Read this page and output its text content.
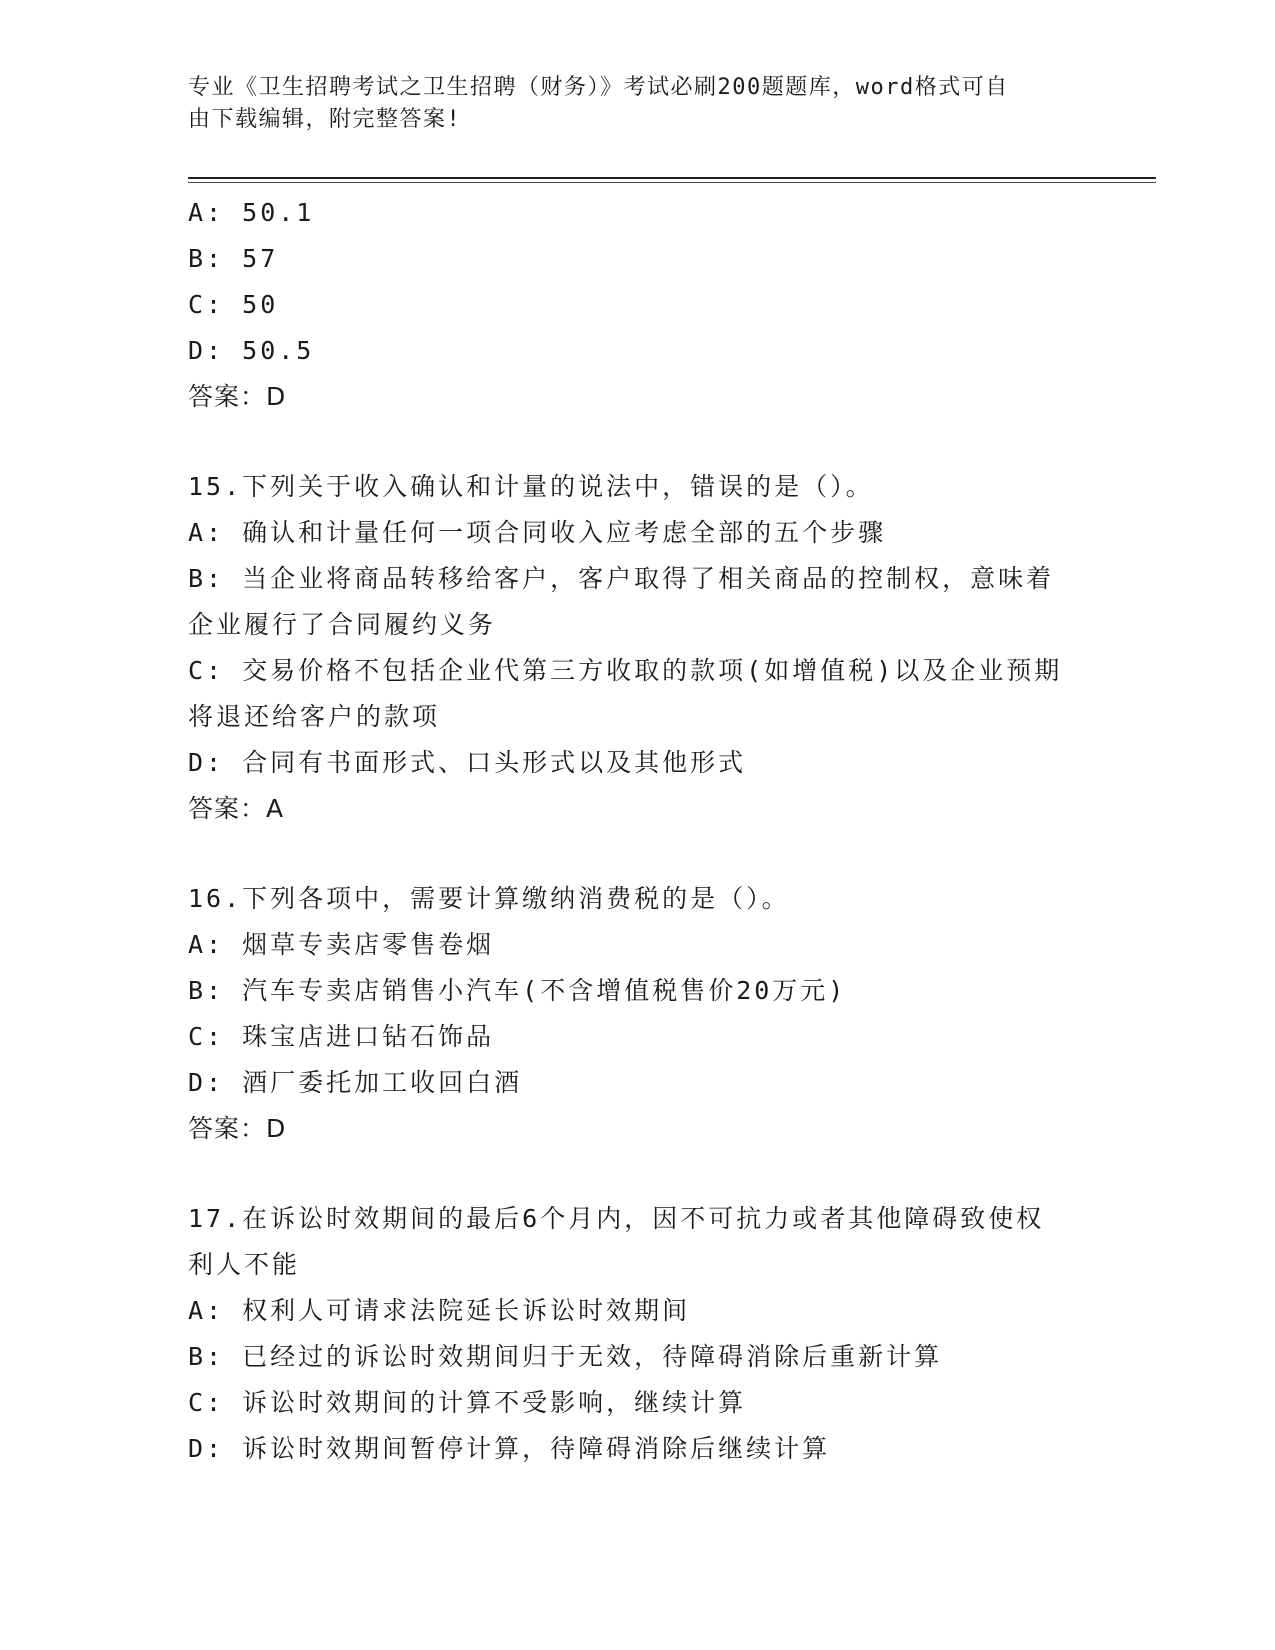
专业《卫生招聘考试之卫生招聘（财务）》考试必刷200题题库，word格式可自
由下载编辑，附完整答案!
A: 50.1
B: 57
C: 50
D: 50.5
答案：D
15.下列关于收入确认和计量的说法中，错误的是（）。
A: 确认和计量任何一项合同收入应考虑全部的五个步骤
B: 当企业将商品转移给客户，客户取得了相关商品的控制权，意味着
企业履行了合同履约义务
C: 交易价格不包括企业代第三方收取的款项(如增值税)以及企业预期
将退还给客户的款项
D: 合同有书面形式、口头形式以及其他形式
答案：A
16.下列各项中，需要计算缴纳消费税的是（）。
A: 烟草专卖店零售卷烟
B: 汽车专卖店销售小汽车(不含增值税售价20万元)
C: 珠宝店进口钻石饰品
D: 酒厂委托加工收回白酒
答案：D
17.在诉讼时效期间的最后6个月内，因不可抗力或者其他障碍致使权
利人不能
A: 权利人可请求法院延长诉讼时效期间
B: 已经过的诉讼时效期间归于无效，待障碍消除后重新计算
C: 诉讼时效期间的计算不受影响，继续计算
D: 诉讼时效期间暂停计算，待障碍消除后继续计算
